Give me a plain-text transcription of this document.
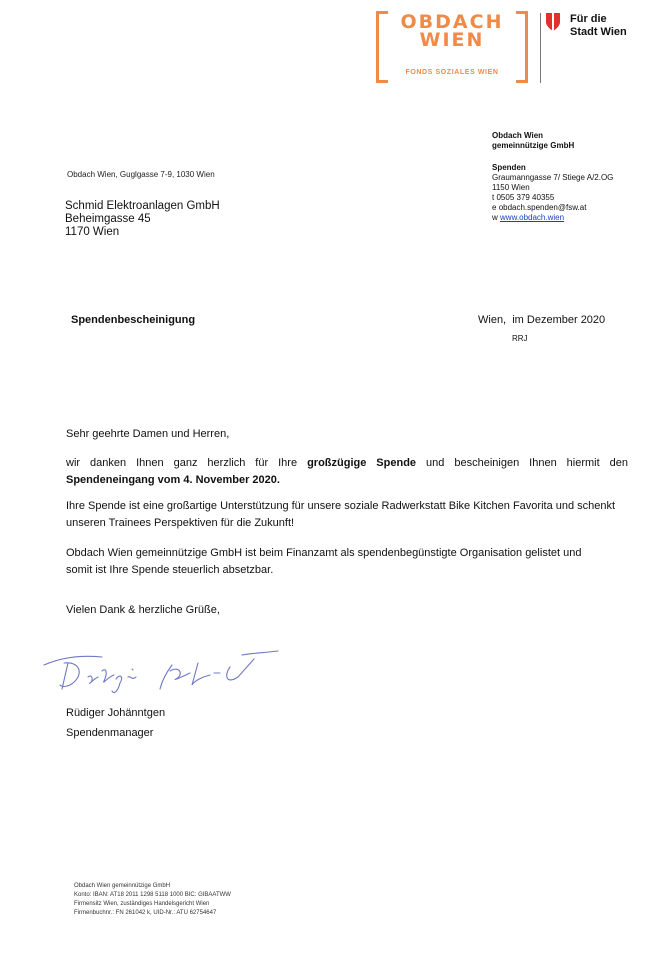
OBDACH
WIEN
FONDS SOZIALES WIEN
Für die
Stadt Wien
Obdach Wien
gemeinnützige GmbH
Spenden
Graumanngasse 7/ Stiege A/2.OG
1150 Wien
t 0505 379 40355
e obdach.spenden@fsw.at
w www.obdach.wien
Obdach Wien, Guglgasse 7-9, 1030 Wien
Schmid Elektroanlagen GmbH
Beheimgasse 45
1170 Wien
Spendenbescheinigung	Wien,  im Dezember 2020
RRJ
Sehr geehrte Damen und Herren,
wir danken Ihnen ganz herzlich für Ihre großzügige Spende und bescheinigen Ihnen hiermit den Spendeneingang vom 4. November 2020.
Ihre Spende ist eine großartige Unterstützung für unsere soziale Radwerkstatt Bike Kitchen Favorita und schenkt unseren Trainees Perspektiven für die Zukunft!
Obdach Wien gemeinnützige GmbH ist beim Finanzamt als spendenbegünstigte Organisation gelistet und
somit ist Ihre Spende steuerlich absetzbar.
Vielen Dank & herzliche Grüße,
Rüdiger Johänntgen
Spendenmanager
Obdach Wien gemeinnützige GmbH
Konto: IBAN: AT18 2011 1298 5118 1000 BIC: GIBAATWW
Firmensitz Wien, zuständiges Handelsgericht Wien
Firmenbuchnr.: FN 261042 k, UID-Nr.: ATU 62754647
